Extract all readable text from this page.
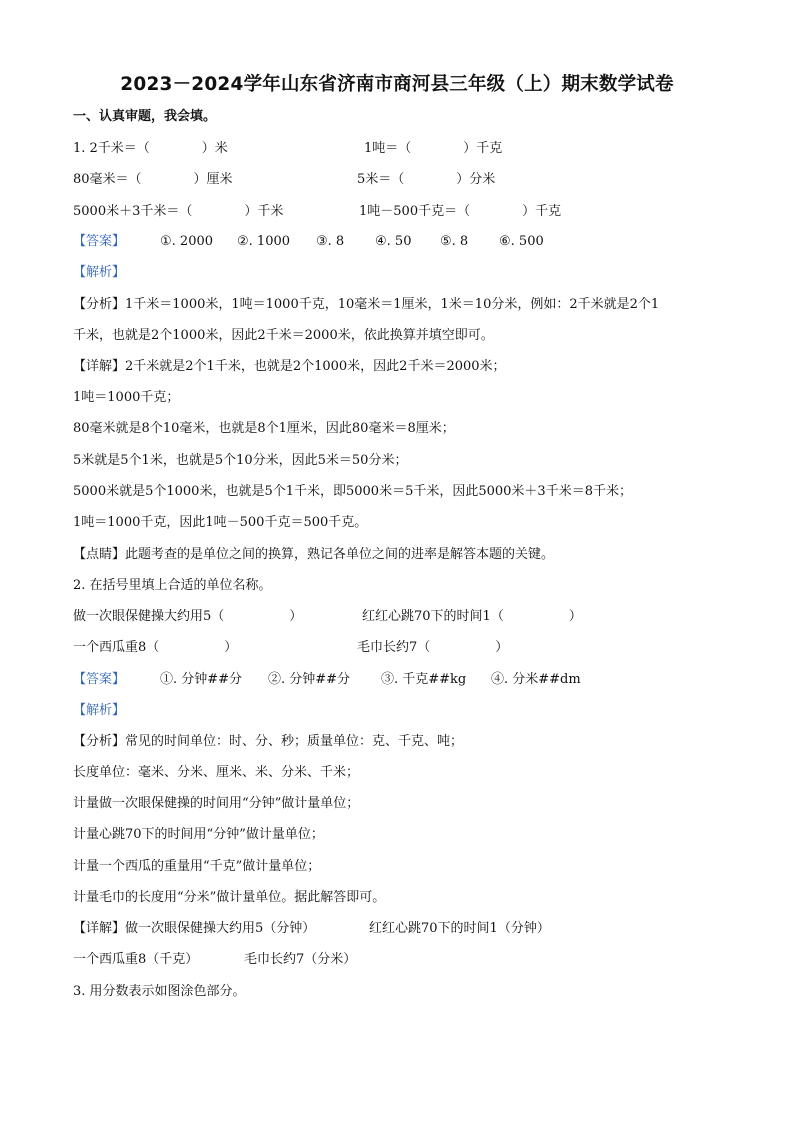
2023－2024学年山东省济南市商河县三年级（上）期末数学试卷
一、认真审题，我会填。
1. 2千米＝（　　　　）米	1吨＝（　　　　）千克
80毫米＝（　　　　）厘米	5米＝（　　　　）分米
5000米＋3千米＝（　　　　）千米	1吨－500千克＝（　　　　）千克
【答案】	①. 2000 ②. 1000 ③. 8 ④. 50 ⑤. 8 ⑥. 500
【解析】
【分析】1千米＝1000米，1吨＝1000千克，10毫米＝1厘米，1米＝10分米，例如：2千米就是2个1
千米，也就是2个1000米，因此2千米＝2000米，依此换算并填空即可。
【详解】2千米就是2个1千米，也就是2个1000米，因此2千米＝2000米；
1吨＝1000千克；
80毫米就是8个10毫米，也就是8个1厘米，因此80毫米＝8厘米；
5米就是5个1米，也就是5个10分米，因此5米＝50分米；
5000米就是5个1000米，也就是5个1千米，即5000米＝5千米，因此5000米＋3千米＝8千米；
1吨＝1000千克，因此1吨－500千克＝500千克。
【点睛】此题考查的是单位之间的换算，熟记各单位之间的进率是解答本题的关键。
2. 在括号里填上合适的单位名称。
做一次眼保健操大约用5（　　　　　）	红红心跳70下的时间1（　　　　　）
一个西瓜重8（　　　　　）	毛巾长约7（　　　　　）
【答案】	①. 分钟##分 ②. 分钟##分 ③. 千克##kg ④. 分米##dm
【解析】
【分析】常见的时间单位：时、分、秒；质量单位：克、千克、吨；
长度单位：毫米、分米、厘米、米、分米、千米；
计量做一次眼保健操的时间用“分钟”做计量单位；
计量心跳70下的时间用“分钟”做计量单位；
计量一个西瓜的重量用“千克”做计量单位；
计量毛巾的长度用“分米”做计量单位。据此解答即可。
【详解】做一次眼保健操大约用5（分钟）	红红心跳70下的时间1（分钟）
一个西瓜重8（千克）	毛巾长约7（分米）
3. 用分数表示如图涂色部分。
